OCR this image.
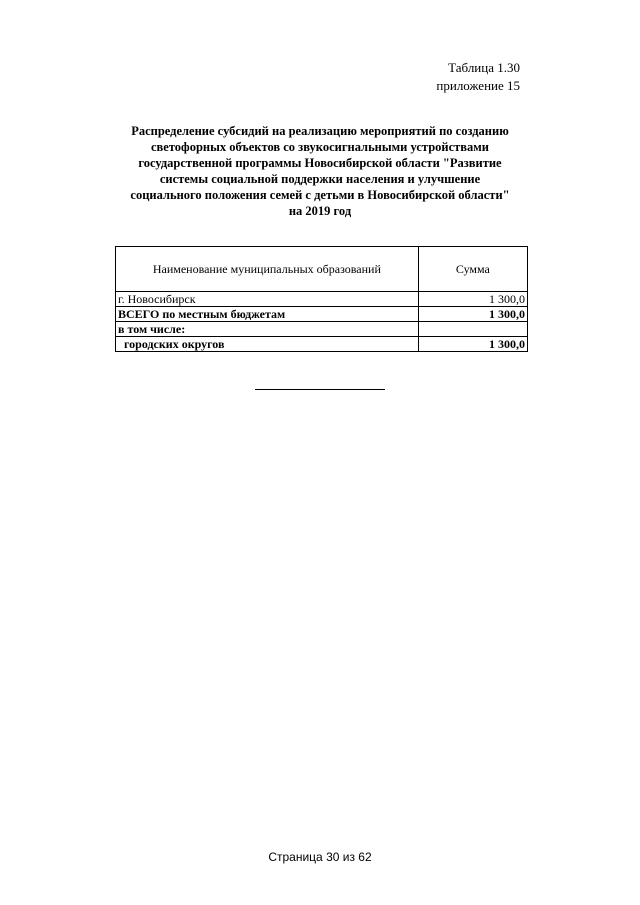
Таблица 1.30
приложение 15
Распределение субсидий на реализацию мероприятий по созданию
светофорных объектов со звукосигнальными устройствами
государственной программы Новосибирской области "Развитие
системы социальной поддержки населения и улучшение
социального положения семей с детьми в Новосибирской области"
на 2019 год
Наименование муниципальных образований	Сумма
г. Новосибирск	1 300,0
ВСЕГО по местным бюджетам	1 300,0
в том числе:	
городских округов	1 300,0
Страница 30 из 62
